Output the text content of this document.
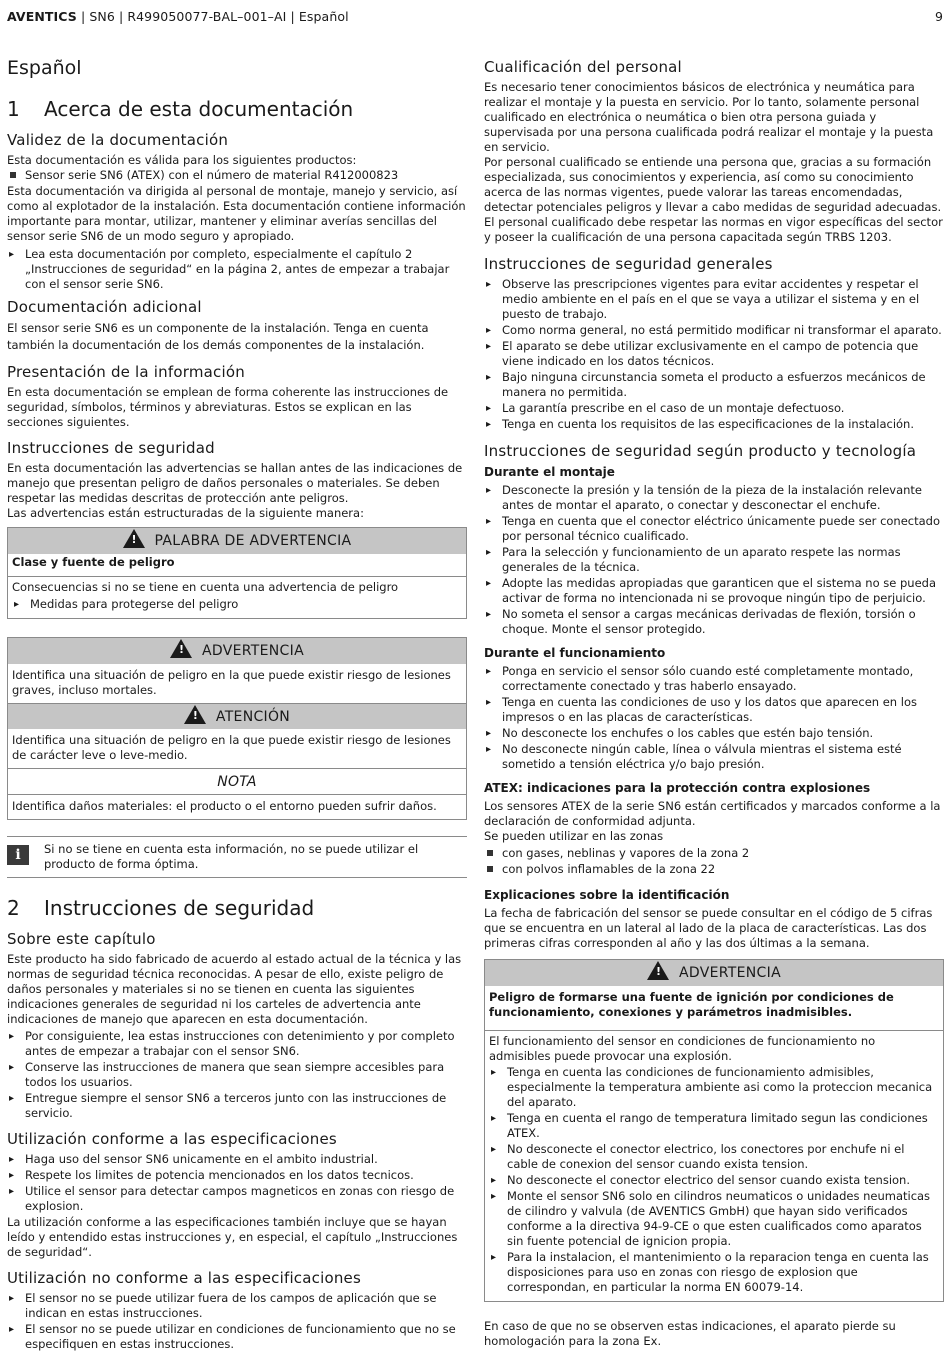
AVENTICS | SN6 | R499050077-BAL–001–AI | Español	9
Español
1 Acerca de esta documentación
Validez de la documentación

Esta documentación es válida para los siguientes productos:

Sensor serie SN6 (ATEX) con el número de material R412000823

Esta documentación va dirigida al personal de montaje, manejo y servicio, así como al explotador de la instalación. Esta documentación contiene información importante para montar, utilizar, mantener y eliminar averías sencillas del sensor serie SN6 de un modo seguro y apropiado.

▸ Lea esta documentación por completo, especialmente el capítulo 2 „Instrucciones de seguridad“ en la página 2, antes de empezar a trabajar con el sensor serie SN6.
Documentación adicional

El sensor serie SN6 es un componente de la instalación. Tenga en cuenta también la documentación de los demás componentes de la instalación.

Presentación de la información

En esta documentación se emplean de forma coherente las instrucciones de seguridad, símbolos, términos y abreviaturas. Estos se explican en las secciones siguientes.

Instrucciones de seguridad

En esta documentación las advertencias se hallan antes de las indicaciones de manejo que presentan peligro de daños personales o materiales. Se deben respetar las medidas descritas de protección ante peligros.

Las advertencias están estructuradas de la siguiente manera:

!PALABRA DE ADVERTENCIA
Clase y fuente de peligro

Consecuencias si no se tiene en cuenta una advertencia de peligro

▸ Medidas para protegerse del peligro
!ADVERTENCIA
Identifica una situación de peligro en la que puede existir riesgo de lesiones graves, incluso mortales.
!ATENCIÓN
Identifica una situación de peligro en la que puede existir riesgo de lesiones de carácter leve o leve-medio.
NOTA
Identifica daños materiales: el producto o el entorno pueden sufrir daños.
i	Si no se tiene en cuenta esta información, no se puede utilizar el producto de forma óptima.
2 Instrucciones de seguridad
Sobre este capítulo

Este producto ha sido fabricado de acuerdo al estado actual de la técnica y las normas de seguridad técnica reconocidas. A pesar de ello, existe peligro de daños personales y materiales si no se tienen en cuenta las siguientes indicaciones generales de seguridad ni los carteles de advertencia ante indicaciones de manejo que aparecen en esta documentación.

▸ Por consiguiente, lea estas instrucciones con detenimiento y por completo antes de empezar a trabajar con el sensor SN6.
▸ Conserve las instrucciones de manera que sean siempre accesibles para todos los usuarios.
▸ Entregue siempre el sensor SN6 a terceros junto con las instrucciones de servicio.
Utilización conforme a las especificaciones
▸ Haga uso del sensor SN6 unicamente en el ambito industrial.
▸ Respete los limites de potencia mencionados en los datos tecnicos.
▸ Utilice el sensor para detectar campos magneticos en zonas con riesgo de explosion.

La utilización conforme a las especificaciones también incluye que se hayan leído y entendido estas instrucciones y, en especial, el capítulo „Instrucciones de seguridad“.

Utilización no conforme a las especificaciones
▸ El sensor no se puede utilizar fuera de los campos de aplicación que se indican en estas instrucciones.
▸ El sensor no se puede utilizar en condiciones de funcionamiento que no se especifiquen en estas instrucciones.
Cualificación del personal

Es necesario tener conocimientos básicos de electrónica y neumática para realizar el montaje y la puesta en servicio. Por lo tanto, solamente personal cualificado en electrónica o neumática o bien otra persona guiada y supervisada por una persona cualificada podrá realizar el montaje y la puesta en servicio.

Por personal cualificado se entiende una persona que, gracias a su formación especializada, sus conocimientos y experiencia, así como su conocimiento acerca de las normas vigentes, puede valorar las tareas encomendadas, detectar potenciales peligros y llevar a cabo medidas de seguridad adecuadas. El personal cualificado debe respetar las normas en vigor específicas del sector y poseer la cualificación de una persona capacitada según TRBS 1203.

Instrucciones de seguridad generales
▸ Observe las prescripciones vigentes para evitar accidentes y respetar el medio ambiente en el país en el que se vaya a utilizar el sistema y en el puesto de trabajo.
▸ Como norma general, no está permitido modificar ni transformar el aparato.
▸ El aparato se debe utilizar exclusivamente en el campo de potencia que viene indicado en los datos técnicos.
▸ Bajo ninguna circunstancia someta el producto a esfuerzos mecánicos de manera no permitida.
▸ La garantía prescribe en el caso de un montaje defectuoso.
▸ Tenga en cuenta los requisitos de las especificaciones de la instalación.
Instrucciones de seguridad según producto y tecnología
Durante el montaje
▸ Desconecte la presión y la tensión de la pieza de la instalación relevante antes de montar el aparato, o conectar y desconectar el enchufe.
▸ Tenga en cuenta que el conector eléctrico únicamente puede ser conectado por personal técnico cualificado.
▸ Para la selección y funcionamiento de un aparato respete las normas generales de la técnica.
▸ Adopte las medidas apropiadas que garanticen que el sistema no se pueda activar de forma no intencionada ni se provoque ningún tipo de perjuicio.
▸ No someta el sensor a cargas mecánicas derivadas de flexión, torsión o choque. Monte el sensor protegido.
Durante el funcionamiento
▸ Ponga en servicio el sensor sólo cuando esté completamente montado, correctamente conectado y tras haberlo ensayado.
▸ Tenga en cuenta las condiciones de uso y los datos que aparecen en los impresos o en las placas de características.
▸ No desconecte los enchufes o los cables que estén bajo tensión.
▸ No desconecte ningún cable, línea o válvula mientras el sistema esté sometido a tensión eléctrica y/o bajo presión.
ATEX: indicaciones para la protección contra explosiones

Los sensores ATEX de la serie SN6 están certificados y marcados conforme a la declaración de conformidad adjunta.

Se pueden utilizar en las zonas

con gases, neblinas y vapores de la zona 2
con polvos inflamables de la zona 22
Explicaciones sobre la identificación

La fecha de fabricación del sensor se puede consultar en el código de 5 cifras que se encuentra en un lateral al lado de la placa de características. Las dos primeras cifras corresponden al año y las dos últimas a la semana.

!ADVERTENCIA

Peligro de formarse una fuente de ignición por condiciones de funcionamiento, conexiones y parámetros inadmisibles.

El funcionamiento del sensor en condiciones de funcionamiento no admisibles puede provocar una explosión.

▸ Tenga en cuenta las condiciones de funcionamiento admisibles, especialmente la temperatura ambiente asi como la proteccion mecanica del aparato.
▸ Tenga en cuenta el rango de temperatura limitado segun las condiciones ATEX.
▸ No desconecte el conector electrico, los conectores por enchufe ni el cable de conexion del sensor cuando exista tension.
▸ No desconecte el conector electrico del sensor cuando exista tension.
▸ Monte el sensor SN6 solo en cilindros neumaticos o unidades neumaticas de cilindro y valvula (de AVENTICS GmbH) que hayan sido verificados conforme a la directiva 94-9-CE o que esten cualificados como aparatos sin fuente potencial de ignicion propia.
▸ Para la instalacion, el mantenimiento o la reparacion tenga en cuenta las disposiciones para uso en zonas con riesgo de explosion que correspondan, en particular la norma EN 60079-14.

En caso de que no se observen estas indicaciones, el aparato pierde su homologación para la zona Ex.
